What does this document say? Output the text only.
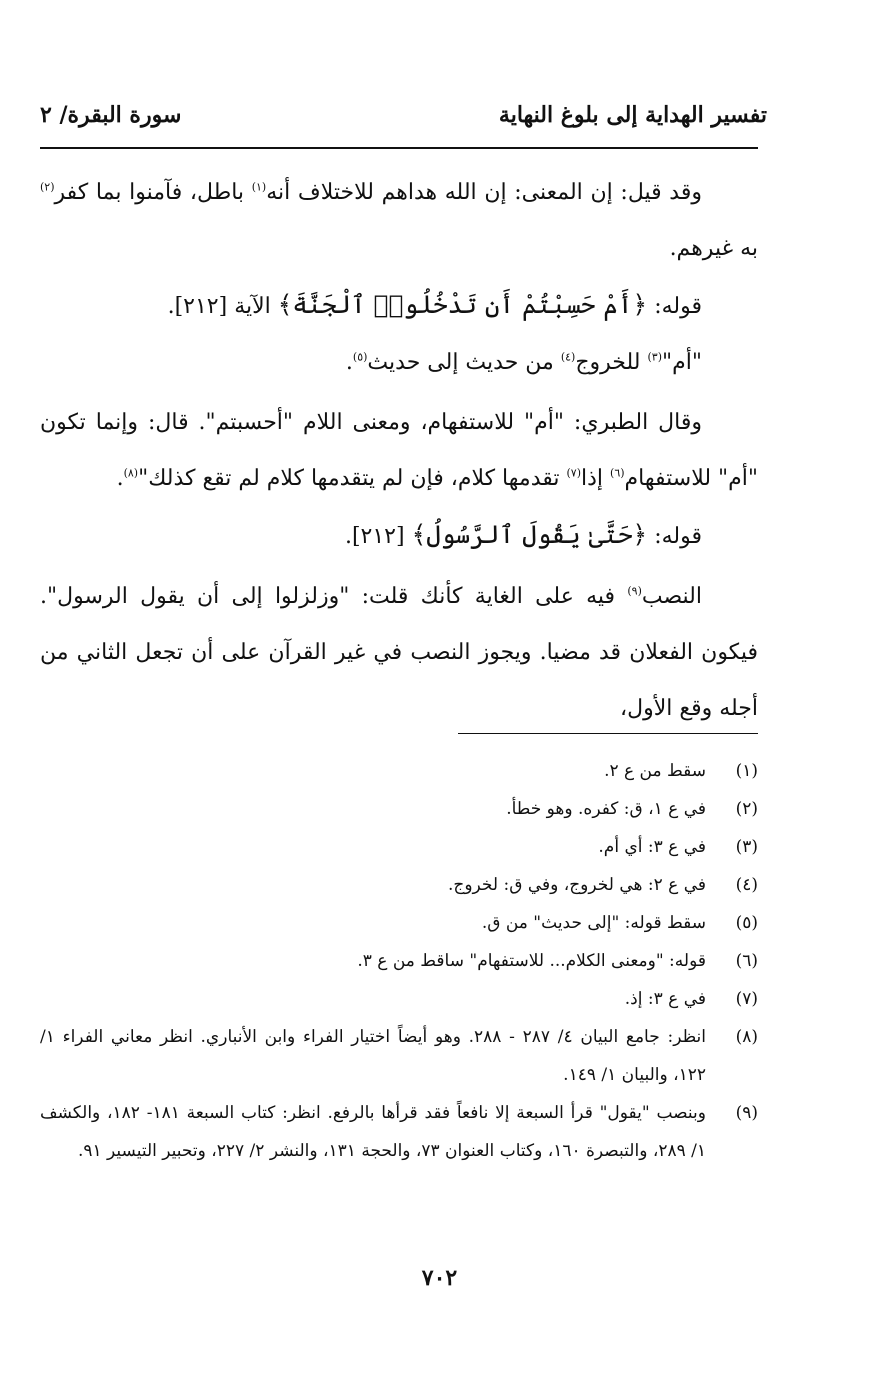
تفسير الهداية إلى بلوغ النهاية
سورة البقرة/ ٢

وقد قيل: إن المعنى: إن الله هداهم للاختلاف أنه$^{(١)}$ باطل، فآمنوا بما كفر$^{(٢)}$ به غيرهم.

قوله: ﴿أَمْ حَسِبْتُمْ أَن تَدْخُلُوا۟ ٱلْجَنَّةَ﴾ الآية [٢١٢].

"أم"$^{(٣)}$ للخروج$^{(٤)}$ من حديث إلى حديث$^{(٥)}$.

وقال الطبري: "أم" للاستفهام، ومعنى اللام "أحسبتم". قال: وإنما تكون "أم" للاستفهام$^{(٦)}$ إذا$^{(٧)}$ تقدمها كلام، فإن لم يتقدمها كلام لم تقع كذلك"$^{(٨)}$.

قوله: ﴿حَتَّىٰ يَقُولَ ٱلرَّسُولُ﴾ [٢١٢].

النصب$^{(٩)}$ فيه على الغاية كأنك قلت: "وزلزلوا إلى أن يقول الرسول". فيكون الفعلان قد مضيا. ويجوز النصب في غير القرآن على أن تجعل الثاني من أجله وقع الأول،

(١)
سقط من ع ٢.
(٢)
في ع ١، ق: كفره. وهو خطأ.
(٣)
في ع ٣: أي أم.
(٤)
في ع ٢: هي لخروج، وفي ق: لخروج.
(٥)
سقط قوله: "إلى حديث" من ق.
(٦)
قوله: "ومعنى الكلام... للاستفهام" ساقط من ع ٣.
(٧)
في ع ٣: إذ.
(٨)
انظر: جامع البيان ٤/ ٢٨٧ - ٢٨٨. وهو أيضاً اختيار الفراء وابن الأنباري. انظر معاني الفراء ١/ ١٢٢، والبيان ١/ ١٤٩.
(٩)
وبنصب "يقول" قرأ السبعة إلا نافعاً فقد قرأها بالرفع. انظر: كتاب السبعة ١٨١- ١٨٢، والكشف ١/ ٢٨٩، والتبصرة ١٦٠، وكتاب العنوان ٧٣، والحجة ١٣١، والنشر ٢/ ٢٢٧، وتحبير التيسير ٩١.
٧٠٢
